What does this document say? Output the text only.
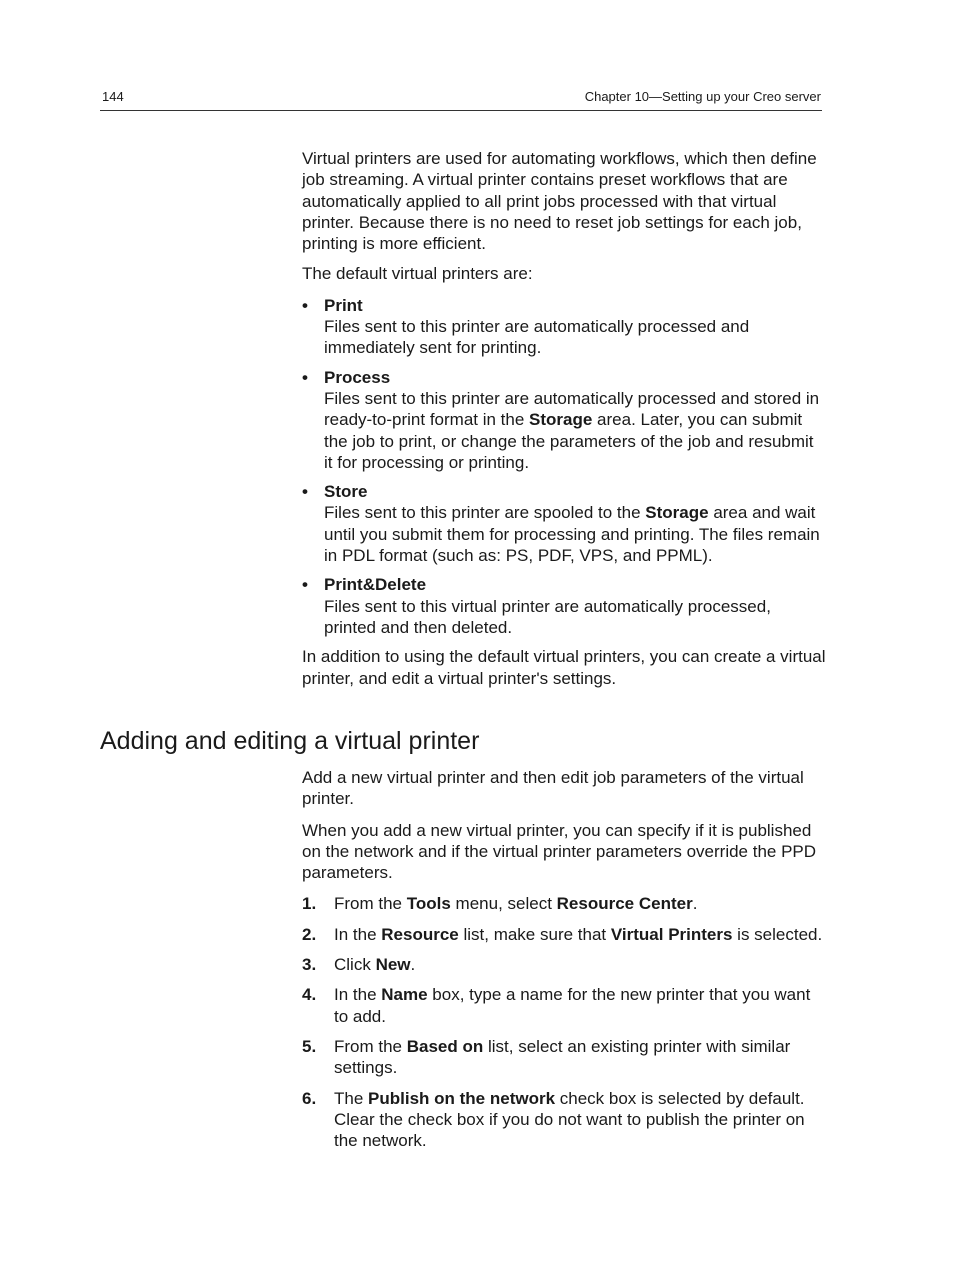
144	Chapter 10—Setting up your Creo server

Virtual printers are used for automating workflows, which then define job streaming. A virtual printer contains preset workflows that are automatically applied to all print jobs processed with that virtual printer. Because there is no need to reset job settings for each job, printing is more efficient.

The default virtual printers are:

• Print
Files sent to this printer are automatically processed and immediately sent for printing.
• Process
Files sent to this printer are automatically processed and stored in ready-to-print format in the Storage area. Later, you can submit the job to print, or change the parameters of the job and resubmit it for processing or printing.
• Store
Files sent to this printer are spooled to the Storage area and wait until you submit them for processing and printing. The files remain in PDL format (such as: PS, PDF, VPS, and PPML).
• Print&Delete
Files sent to this virtual printer are automatically processed, printed and then deleted.

In addition to using the default virtual printers, you can create a virtual printer, and edit a virtual printer's settings.

Adding and editing a virtual printer

Add a new virtual printer and then edit job parameters of the virtual printer.

When you add a new virtual printer, you can specify if it is published on the network and if the virtual printer parameters override the PPD parameters.

1. From the Tools menu, select Resource Center.
2. In the Resource list, make sure that Virtual Printers is selected.
3. Click New.
4. In the Name box, type a name for the new printer that you want to add.
5. From the Based on list, select an existing printer with similar settings.
6. The Publish on the network check box is selected by default. Clear the check box if you do not want to publish the printer on the network.
